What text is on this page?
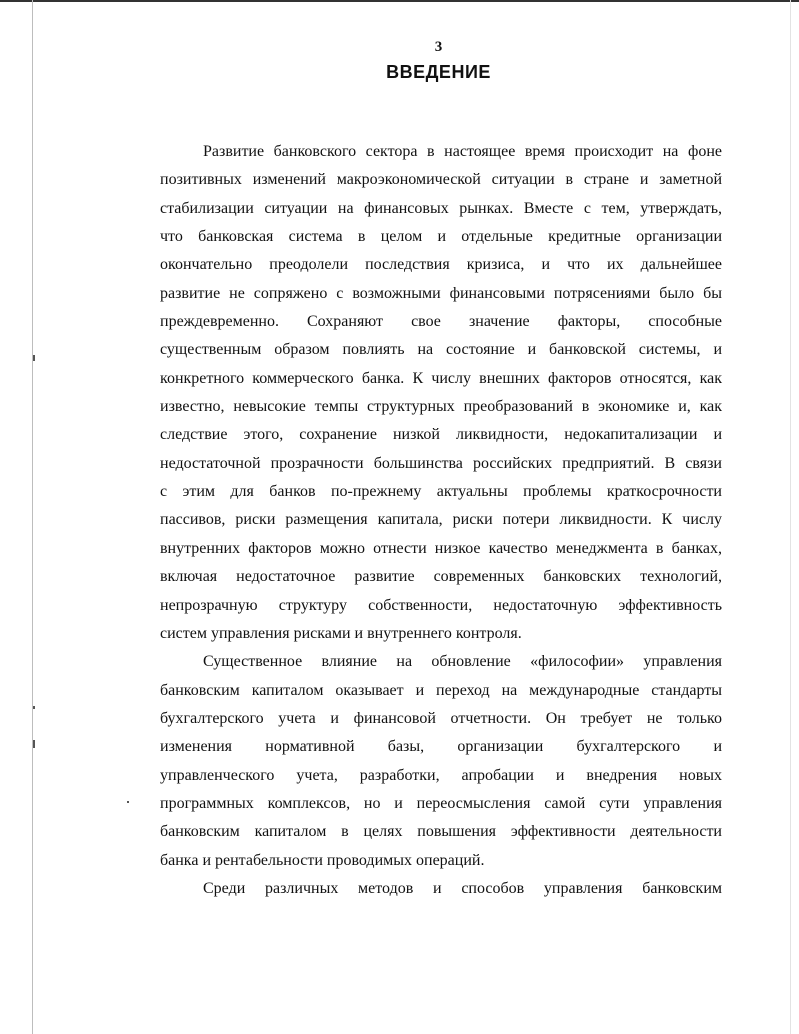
3
ВВЕДЕНИЕ

Развитие банковского сектора в настоящее время происходит на фоне
позитивных изменений макроэкономической ситуации в стране и заметной
стабилизации ситуации на финансовых рынках. Вместе с тем, утверждать,
что банковская система в целом и отдельные кредитные организации
окончательно преодолели последствия кризиса, и что их дальнейшее
развитие не сопряжено с возможными финансовыми потрясениями было бы
преждевременно. Сохраняют свое значение факторы, способные
существенным образом повлиять на состояние и банковской системы, и
конкретного коммерческого банка. К числу внешних факторов относятся, как
известно, невысокие темпы структурных преобразований в экономике и, как
следствие этого, сохранение низкой ликвидности, недокапитализации и
недостаточной прозрачности большинства российских предприятий. В связи
с этим для банков по-прежнему актуальны проблемы краткосрочности
пассивов, риски размещения капитала, риски потери ликвидности. К числу
внутренних факторов можно отнести низкое качество менеджмента в банках,
включая недостаточное развитие современных банковских технологий,
непрозрачную структуру собственности, недостаточную эффективность
систем управления рисками и внутреннего контроля.

Существенное влияние на обновление «философии» управления
банковским капиталом оказывает и переход на международные стандарты
бухгалтерского учета и финансовой отчетности. Он требует не только
изменения нормативной базы, организации бухгалтерского и
управленческого учета, разработки, апробации и внедрения новых
программных комплексов, но и переосмысления самой сути управления
банковским капиталом в целях повышения эффективности деятельности
банка и рентабельности проводимых операций.

Среди различных методов и способов управления банковским
